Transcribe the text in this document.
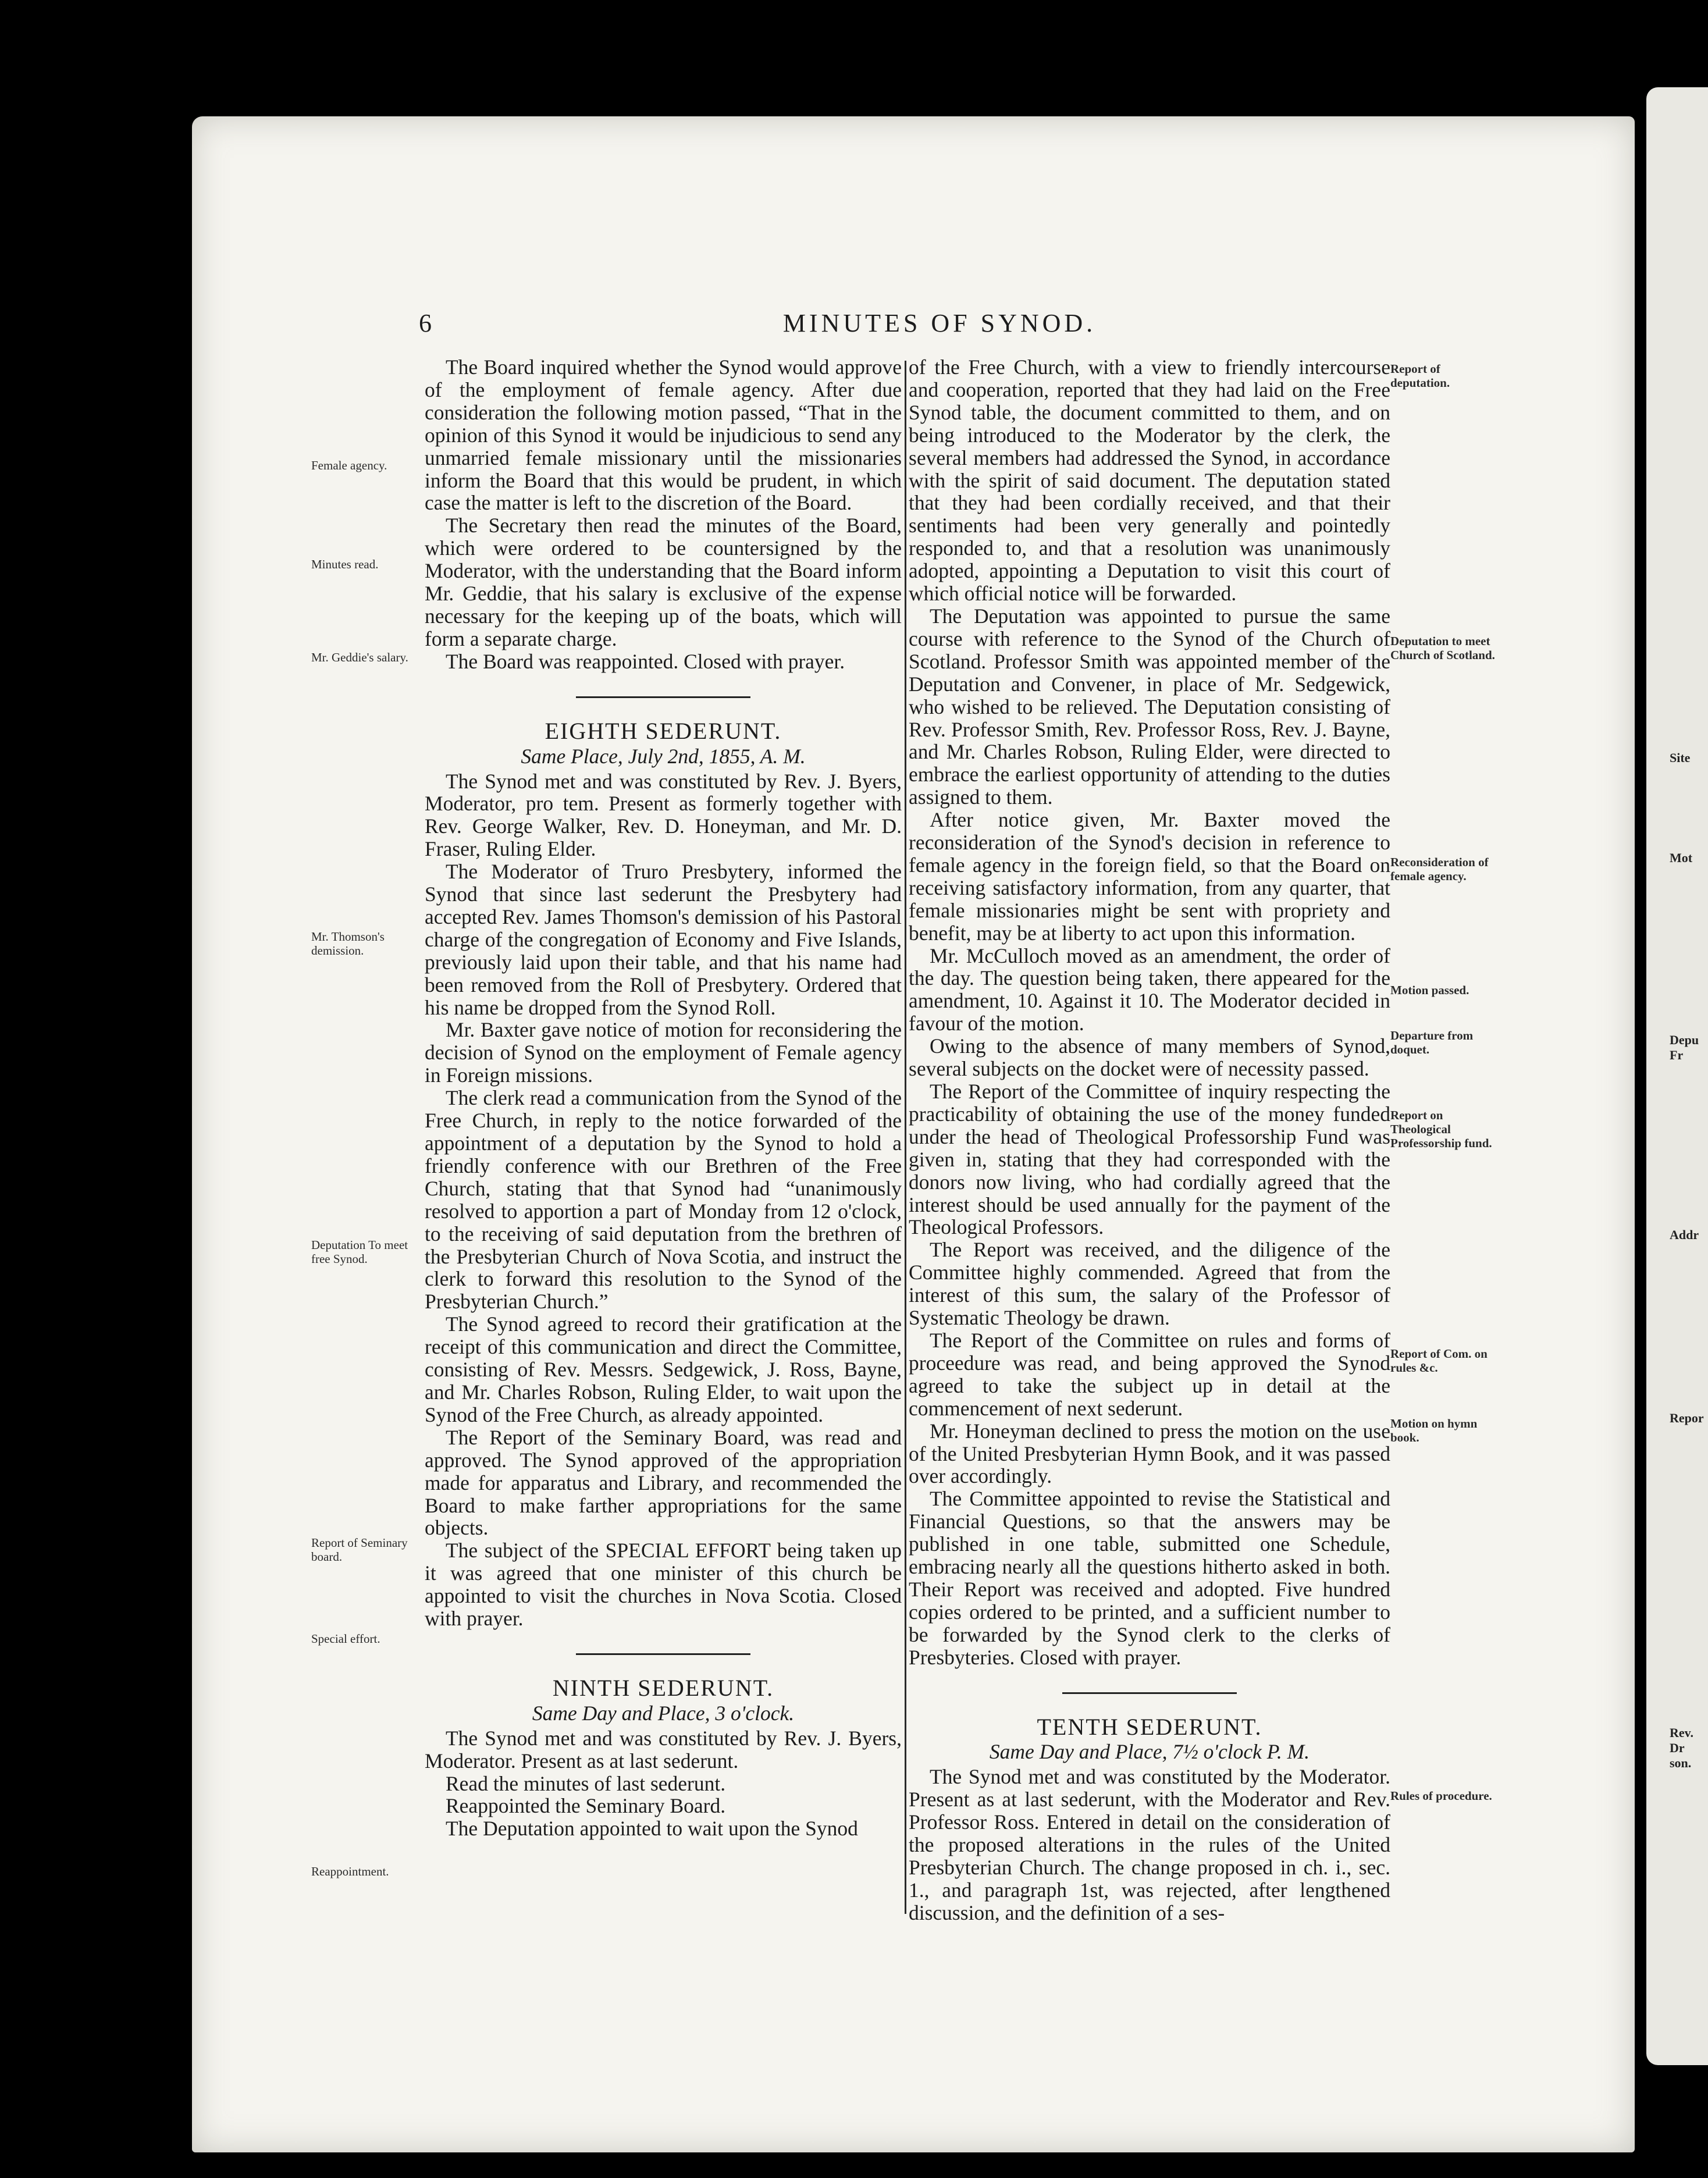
6	MINUTES OF SYNOD.

The Board inquired whether the Synod would approve of the employment of female agency. After due consideration the following motion passed, “That in the opinion of this Synod it would be injudicious to send any unmarried female missionary until the missionaries inform the Board that this would be prudent, in which case the matter is left to the discretion of the Board.

The Secretary then read the minutes of the Board, which were ordered to be countersigned by the Moderator, with the understanding that the Board inform Mr. Geddie, that his salary is exclusive of the expense necessary for the keeping up of the boats, which will form a separate charge.

The Board was reappointed. Closed with prayer.

EIGHTH SEDERUNT.
Same Place, July 2nd, 1855, A. M.

The Synod met and was constituted by Rev. J. Byers, Moderator, pro tem. Present as formerly together with Rev. George Walker, Rev. D. Honeyman, and Mr. D. Fraser, Ruling Elder.

The Moderator of Truro Presbytery, informed the Synod that since last sederunt the Presbytery had accepted Rev. James Thomson's demission of his Pastoral charge of the congregation of Economy and Five Islands, previously laid upon their table, and that his name had been removed from the Roll of Presbytery. Ordered that his name be dropped from the Synod Roll.

Mr. Baxter gave notice of motion for reconsidering the decision of Synod on the employment of Female agency in Foreign missions.

The clerk read a communication from the Synod of the Free Church, in reply to the notice forwarded of the appointment of a deputation by the Synod to hold a friendly conference with our Brethren of the Free Church, stating that that Synod had “unanimously resolved to apportion a part of Monday from 12 o'clock, to the receiving of said deputation from the brethren of the Presbyterian Church of Nova Scotia, and instruct the clerk to forward this resolution to the Synod of the Presbyterian Church.”

The Synod agreed to record their gratification at the receipt of this communication and direct the Committee, consisting of Rev. Messrs. Sedgewick, J. Ross, Bayne, and Mr. Charles Robson, Ruling Elder, to wait upon the Synod of the Free Church, as already appointed.

The Report of the Seminary Board, was read and approved. The Synod approved of the appropriation made for apparatus and Library, and recommended the Board to make farther appropriations for the same objects.

The subject of the SPECIAL EFFORT being taken up it was agreed that one minister of this church be appointed to visit the churches in Nova Scotia. Closed with prayer.

NINTH SEDERUNT.
Same Day and Place, 3 o'clock.

The Synod met and was constituted by Rev. J. Byers, Moderator. Present as at last sederunt.

Read the minutes of last sederunt.

Reappointed the Seminary Board.

The Deputation appointed to wait upon the Synod

of the Free Church, with a view to friendly intercourse and cooperation, reported that they had laid on the Free Synod table, the document committed to them, and on being introduced to the Moderator by the clerk, the several members had addressed the Synod, in accordance with the spirit of said document. The deputation stated that they had been cordially received, and that their sentiments had been very generally and pointedly responded to, and that a resolution was unanimously adopted, appointing a Deputation to visit this court of which official notice will be forwarded.

The Deputation was appointed to pursue the same course with reference to the Synod of the Church of Scotland. Professor Smith was appointed member of the Deputation and Convener, in place of Mr. Sedgewick, who wished to be relieved. The Deputation consisting of Rev. Professor Smith, Rev. Professor Ross, Rev. J. Bayne, and Mr. Charles Robson, Ruling Elder, were directed to embrace the earliest opportunity of attending to the duties assigned to them.

After notice given, Mr. Baxter moved the reconsideration of the Synod's decision in reference to female agency in the foreign field, so that the Board on receiving satisfactory information, from any quarter, that female missionaries might be sent with propriety and benefit, may be at liberty to act upon this information.

Mr. McCulloch moved as an amendment, the order of the day. The question being taken, there appeared for the amendment, 10. Against it 10. The Moderator decided in favour of the motion.

Owing to the absence of many members of Synod, several subjects on the docket were of necessity passed.

The Report of the Committee of inquiry respecting the practicability of obtaining the use of the money funded under the head of Theological Professorship Fund was given in, stating that they had corresponded with the donors now living, who had cordially agreed that the interest should be used annually for the payment of the Theological Professors.

The Report was received, and the diligence of the Committee highly commended. Agreed that from the interest of this sum, the salary of the Professor of Systematic Theology be drawn.

The Report of the Committee on rules and forms of proceedure was read, and being approved the Synod agreed to take the subject up in detail at the commencement of next sederunt.

Mr. Honeyman declined to press the motion on the use of the United Presbyterian Hymn Book, and it was passed over accordingly.

The Committee appointed to revise the Statistical and Financial Questions, so that the answers may be published in one table, submitted one Schedule, embracing nearly all the questions hitherto asked in both. Their Report was received and adopted. Five hundred copies ordered to be printed, and a sufficient number to be forwarded by the Synod clerk to the clerks of Presbyteries. Closed with prayer.

TENTH SEDERUNT.
Same Day and Place, 7½ o'clock P. M.

The Synod met and was constituted by the Moderator. Present as at last sederunt, with the Moderator and Rev. Professor Ross. Entered in detail on the consideration of the proposed alterations in the rules of the United Presbyterian Church. The change proposed in ch. i., sec. 1., and paragraph 1st, was rejected, after lengthened discussion, and the definition of a ses-

Female agency.
Minutes read.
Mr. Geddie's salary.
Mr. Thomson's demission.
Deputation To meet free Synod.
Report of Seminary board.
Special effort.
Reappointment.
Report of deputation.
Deputation to meet Church of Scotland.
Reconsideration of female agency.
Motion passed.
Departure from doquet.
Report on Theological Professorship fund.
Report of Com. on rules &c.
Motion on hymn book.
Rules of procedure.
Site
Mot
Depu Fr
Addr
Repor
Rev. Dr son.
